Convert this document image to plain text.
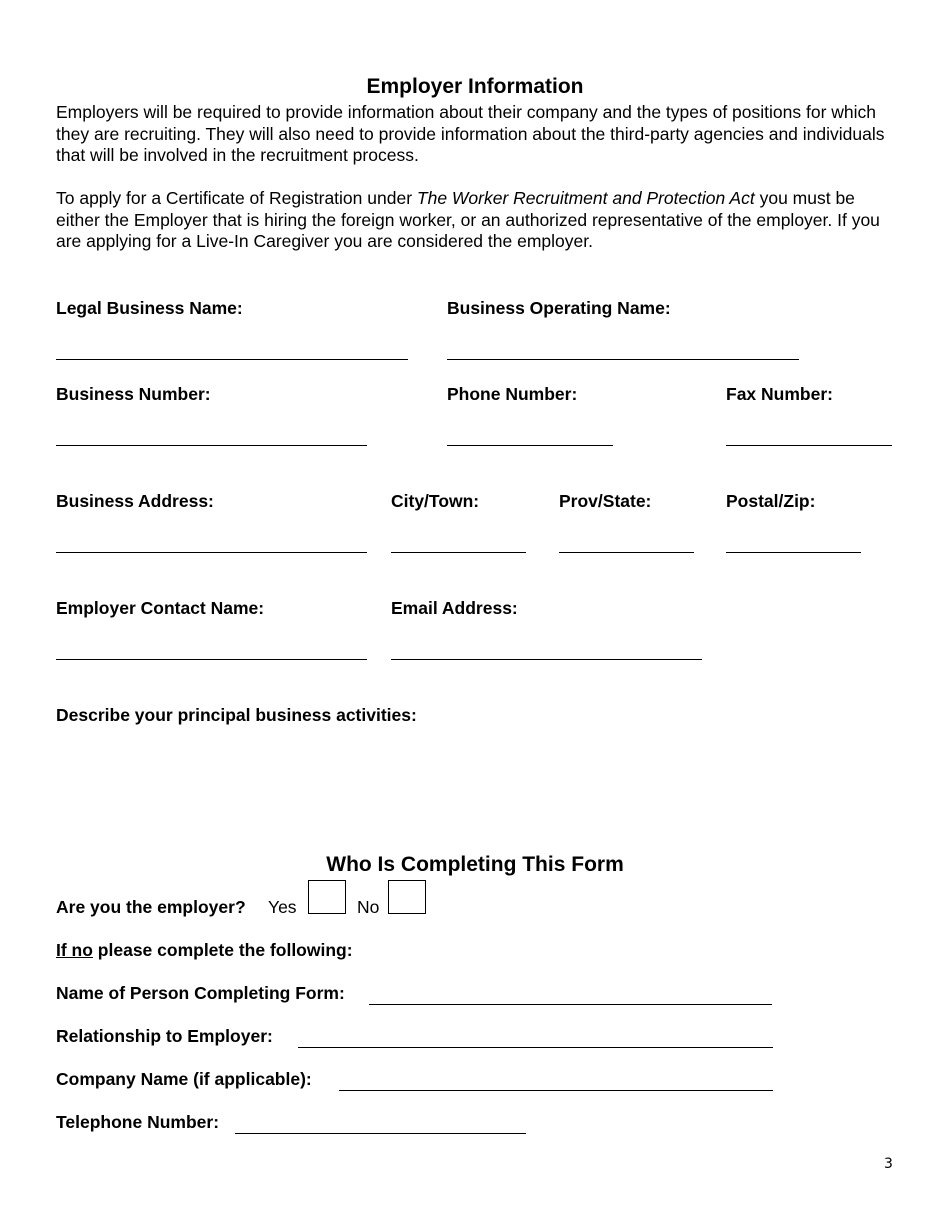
Employer Information
Employers will be required to provide information about their company and the types of positions for which they are recruiting. They will also need to provide information about the third-party agencies and individuals that will be involved in the recruitment process.
To apply for a Certificate of Registration under The Worker Recruitment and Protection Act you must be either the Employer that is hiring the foreign worker, or an authorized representative of the employer. If you are applying for a Live-In Caregiver you are considered the employer.
Legal Business Name:	Business Operating Name:
Business Number:	Phone Number:	Fax Number:
Business Address:	City/Town:	Prov/State:	Postal/Zip:
Employer Contact Name:	Email Address:
Describe your principal business activities:
Who Is Completing This Form
Are you the employer? Yes	No
If no please complete the following:
Name of Person Completing Form:
Relationship to Employer:
Company Name (if applicable):
Telephone Number:
3
